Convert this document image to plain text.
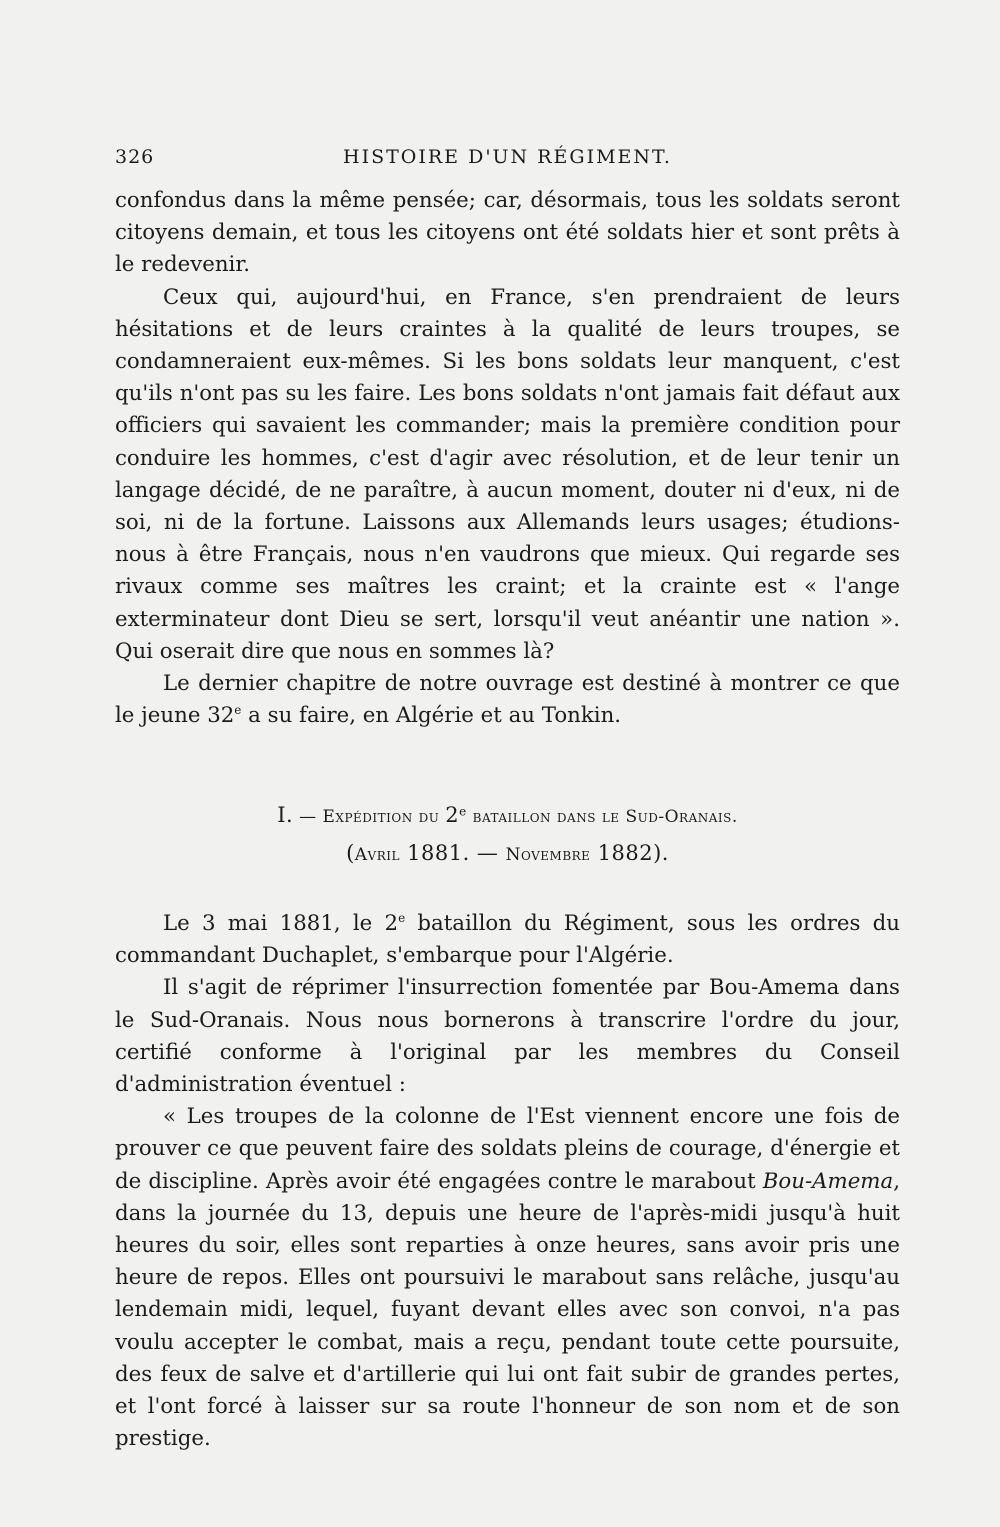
326	HISTOIRE D'UN RÉGIMENT.

confondus dans la même pensée; car, désormais, tous les soldats seront citoyens demain, et tous les citoyens ont été soldats hier et sont prêts à le redevenir.

Ceux qui, aujourd'hui, en France, s'en prendraient de leurs hésitations et de leurs craintes à la qualité de leurs troupes, se condamneraient eux-mêmes. Si les bons soldats leur manquent, c'est qu'ils n'ont pas su les faire. Les bons soldats n'ont jamais fait défaut aux officiers qui savaient les commander; mais la première condition pour conduire les hommes, c'est d'agir avec résolution, et de leur tenir un langage décidé, de ne paraître, à aucun moment, douter ni d'eux, ni de soi, ni de la fortune. Laissons aux Allemands leurs usages; étudions-nous à être Français, nous n'en vaudrons que mieux. Qui regarde ses rivaux comme ses maîtres les craint; et la crainte est « l'ange exterminateur dont Dieu se sert, lorsqu'il veut anéantir une nation ». Qui oserait dire que nous en sommes là?

Le dernier chapitre de notre ouvrage est destiné à montrer ce que le jeune 32e a su faire, en Algérie et au Tonkin.

I. — Expédition du 2e bataillon dans le Sud-Oranais.
(Avril 1881. — Novembre 1882).

Le 3 mai 1881, le 2e bataillon du Régiment, sous les ordres du commandant Duchaplet, s'embarque pour l'Algérie.

Il s'agit de réprimer l'insurrection fomentée par Bou-Amema dans le Sud-Oranais. Nous nous bornerons à transcrire l'ordre du jour, certifié conforme à l'original par les membres du Conseil d'administration éventuel :

« Les troupes de la colonne de l'Est viennent encore une fois de prouver ce que peuvent faire des soldats pleins de courage, d'énergie et de discipline. Après avoir été engagées contre le marabout Bou-Amema, dans la journée du 13, depuis une heure de l'après-midi jusqu'à huit heures du soir, elles sont reparties à onze heures, sans avoir pris une heure de repos. Elles ont poursuivi le marabout sans relâche, jusqu'au lendemain midi, lequel, fuyant devant elles avec son convoi, n'a pas voulu accepter le combat, mais a reçu, pendant toute cette poursuite, des feux de salve et d'artillerie qui lui ont fait subir de grandes pertes, et l'ont forcé à laisser sur sa route l'honneur de son nom et de son prestige.
